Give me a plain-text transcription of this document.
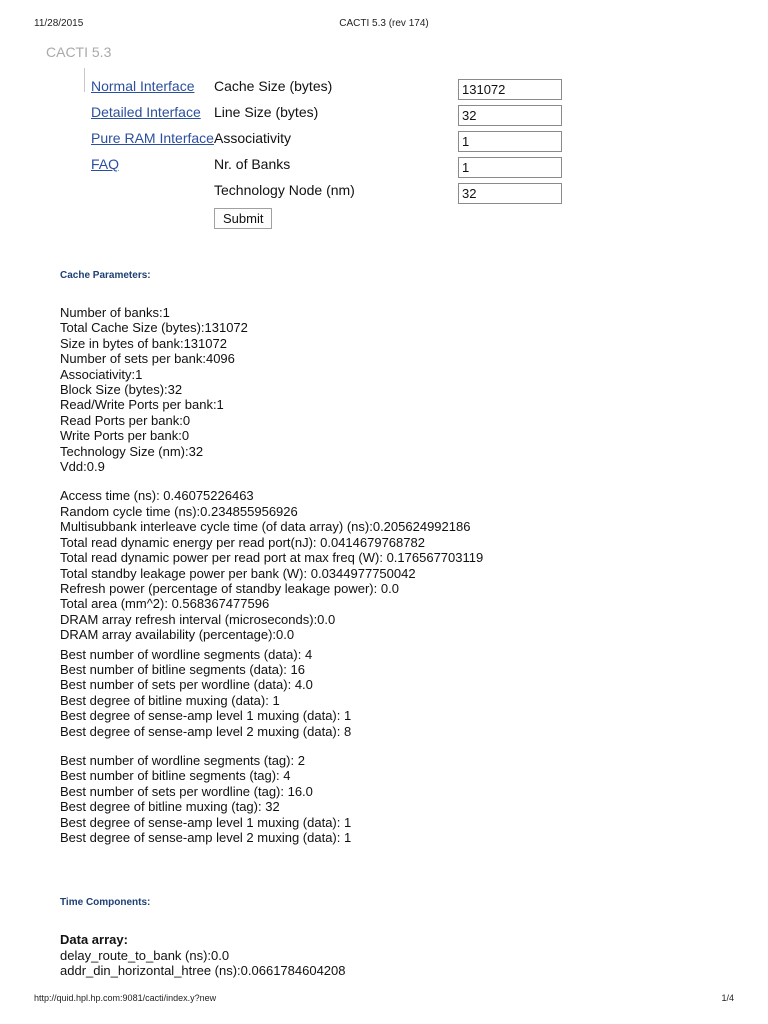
11/28/2015	CACTI 5.3 (rev 174)
CACTI 5.3
Normal Interface
Detailed Interface
Pure RAM Interface
FAQ
Cache Size (bytes)
131072
Line Size (bytes)
32
Associativity
1
Nr. of Banks
1
Technology Node (nm)
32
Submit
Cache Parameters:
Number of banks:1
Total Cache Size (bytes):131072
Size in bytes of bank:131072
Number of sets per bank:4096
Associativity:1
Block Size (bytes):32
Read/Write Ports per bank:1
Read Ports per bank:0
Write Ports per bank:0
Technology Size (nm):32
Vdd:0.9
Access time (ns): 0.46075226463
Random cycle time (ns):0.234855956926
Multisubbank interleave cycle time (of data array) (ns):0.205624992186
Total read dynamic energy per read port(nJ): 0.0414679768782
Total read dynamic power per read port at max freq (W): 0.176567703119
Total standby leakage power per bank (W): 0.0344977750042
Refresh power (percentage of standby leakage power): 0.0
Total area (mm^2): 0.568367477596
DRAM array refresh interval (microseconds):0.0
DRAM array availability (percentage):0.0
Best number of wordline segments (data): 4
Best number of bitline segments (data): 16
Best number of sets per wordline (data): 4.0
Best degree of bitline muxing (data): 1
Best degree of sense-amp level 1 muxing (data): 1
Best degree of sense-amp level 2 muxing (data): 8
Best number of wordline segments (tag): 2
Best number of bitline segments (tag): 4
Best number of sets per wordline (tag): 16.0
Best degree of bitline muxing (tag): 32
Best degree of sense-amp level 1 muxing (data): 1
Best degree of sense-amp level 2 muxing (data): 1
Time Components:
Data array:
delay_route_to_bank (ns):0.0
addr_din_horizontal_htree (ns):0.0661784604208
http://quid.hpl.hp.com:9081/cacti/index.y?new	1/4
